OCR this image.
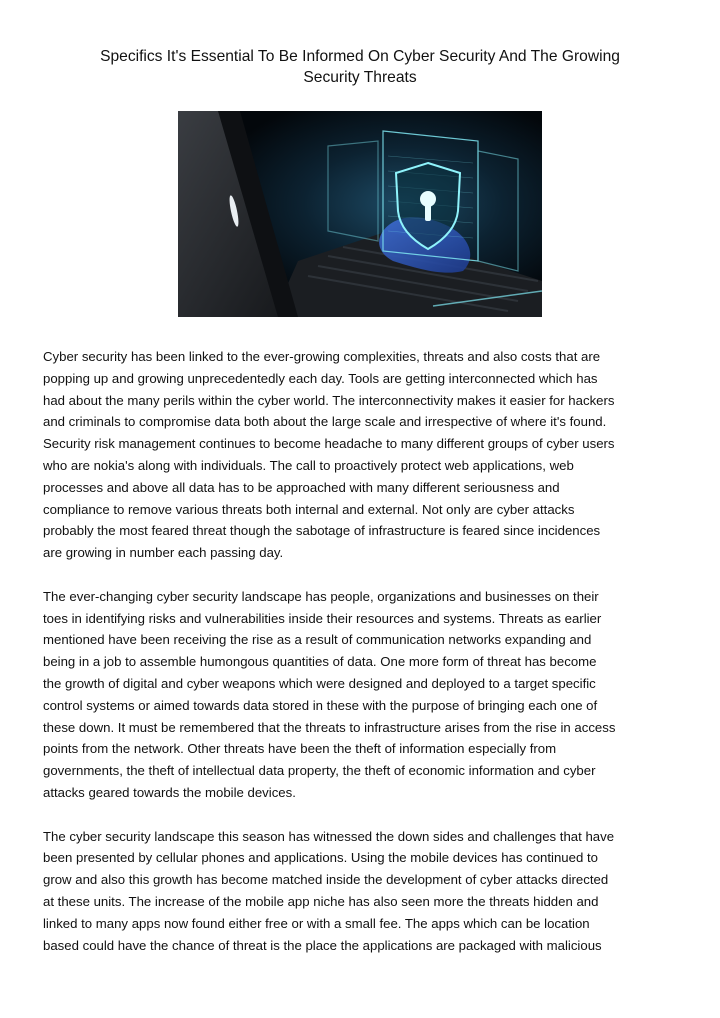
Specifics It's Essential To Be Informed On Cyber Security And The Growing
Security Threats

Cyber security has been linked to the ever-growing complexities, threats and also costs that are
popping up and growing unprecedentedly each day. Tools are getting interconnected which has
had about the many perils within the cyber world. The interconnectivity makes it easier for hackers
and criminals to compromise data both about the large scale and irrespective of where it's found.
Security risk management continues to become headache to many different groups of cyber users
who are nokia's along with individuals. The call to proactively protect web applications, web
processes and above all data has to be approached with many different seriousness and
compliance to remove various threats both internal and external. Not only are cyber attacks
probably the most feared threat though the sabotage of infrastructure is feared since incidences
are growing in number each passing day.

The ever-changing cyber security landscape has people, organizations and businesses on their
toes in identifying risks and vulnerabilities inside their resources and systems. Threats as earlier
mentioned have been receiving the rise as a result of communication networks expanding and
being in a job to assemble humongous quantities of data. One more form of threat has become
the growth of digital and cyber weapons which were designed and deployed to a target specific
control systems or aimed towards data stored in these with the purpose of bringing each one of
these down. It must be remembered that the threats to infrastructure arises from the rise in access
points from the network. Other threats have been the theft of information especially from
governments, the theft of intellectual data property, the theft of economic information and cyber
attacks geared towards the mobile devices.

The cyber security landscape this season has witnessed the down sides and challenges that have
been presented by cellular phones and applications. Using the mobile devices has continued to
grow and also this growth has become matched inside the development of cyber attacks directed
at these units. The increase of the mobile app niche has also seen more the threats hidden and
linked to many apps now found either free or with a small fee. The apps which can be location
based could have the chance of threat is the place the applications are packaged with malicious
